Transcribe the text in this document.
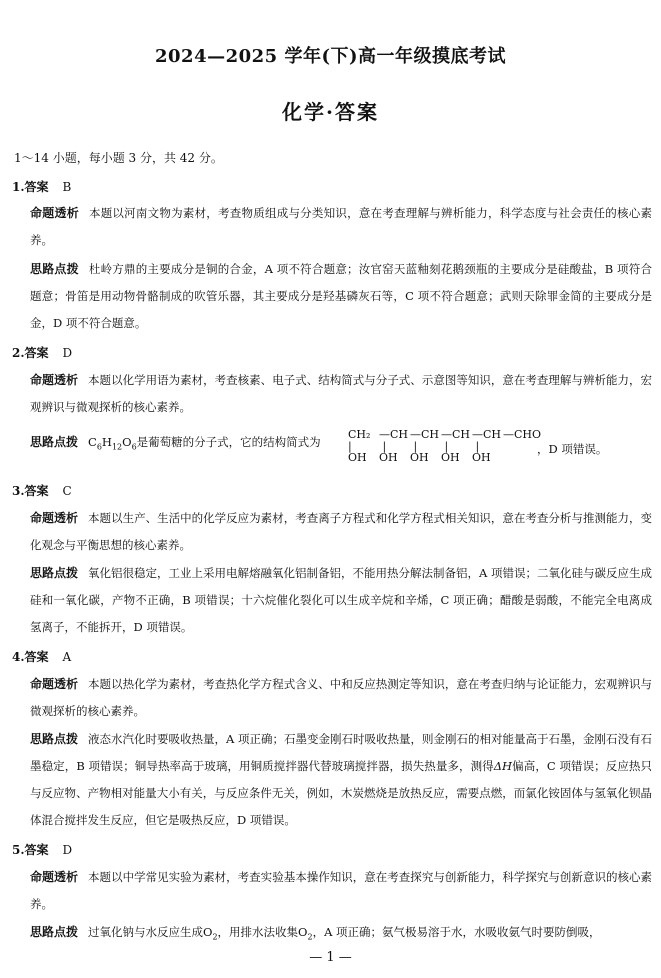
2024—2025 学年(下)高一年级摸底考试
化学·答案
1～14 小题，每小题 3 分，共 42 分。
1.答案 B
命题透析 本题以河南文物为素材，考查物质组成与分类知识，意在考查理解与辨析能力，科学态度与社会责任的核心素养。
思路点拨 杜岭方鼎的主要成分是铜的合金，A 项不符合题意；汝官窑天蓝釉刻花鹅颈瓶的主要成分是硅酸盐，B 项符合题意；骨笛是用动物骨骼制成的吹管乐器，其主要成分是羟基磷灰石等，C 项不符合题意；武则天除罪金简的主要成分是金，D 项不符合题意。
2.答案 D
命题透析 本题以化学用语为素材，考查核素、电子式、结构简式与分子式、示意图等知识，意在考查理解与辨析能力，宏观辨识与微观探析的核心素养。
思路点拨 $C_6H_{12}O_6$是葡萄糖的分子式，它的结构简式为
CH₂ —CH —CH —CH —CH —CHO
| | | | |
OH OH OH OH OH
，D 项错误。
3.答案 C
命题透析 本题以生产、生活中的化学反应为素材，考查离子方程式和化学方程式相关知识，意在考查分析与推测能力，变化观念与平衡思想的核心素养。
思路点拨 氧化铝很稳定，工业上采用电解熔融氧化铝制备铝，不能用热分解法制备铝，A 项错误；二氧化硅与碳反应生成硅和一氧化碳，产物不正确，B 项错误；十六烷催化裂化可以生成辛烷和辛烯，C 项正确；醋酸是弱酸，不能完全电离成氢离子，不能拆开，D 项错误。
4.答案 A
命题透析 本题以热化学为素材，考查热化学方程式含义、中和反应热测定等知识，意在考查归纳与论证能力，宏观辨识与微观探析的核心素养。
思路点拨 液态水汽化时要吸收热量，A 项正确；石墨变金刚石时吸收热量，则金刚石的相对能量高于石墨，金刚石没有石墨稳定，B 项错误；铜导热率高于玻璃，用铜质搅拌器代替玻璃搅拌器，损失热量多，测得ΔH偏高，C 项错误；反应热只与反应物、产物相对能量大小有关，与反应条件无关，例如，木炭燃烧是放热反应，需要点燃，而氯化铵固体与氢氧化钡晶体混合搅拌发生反应，但它是吸热反应，D 项错误。
5.答案 D
命题透析 本题以中学常见实验为素材，考查实验基本操作知识，意在考查探究与创新能力，科学探究与创新意识的核心素养。
思路点拨 过氧化钠与水反应生成$O_2$，用排水法收集$O_2$，A 项正确；氨气极易溶于水，水吸收氨气时要防倒吸，
— 1 —
